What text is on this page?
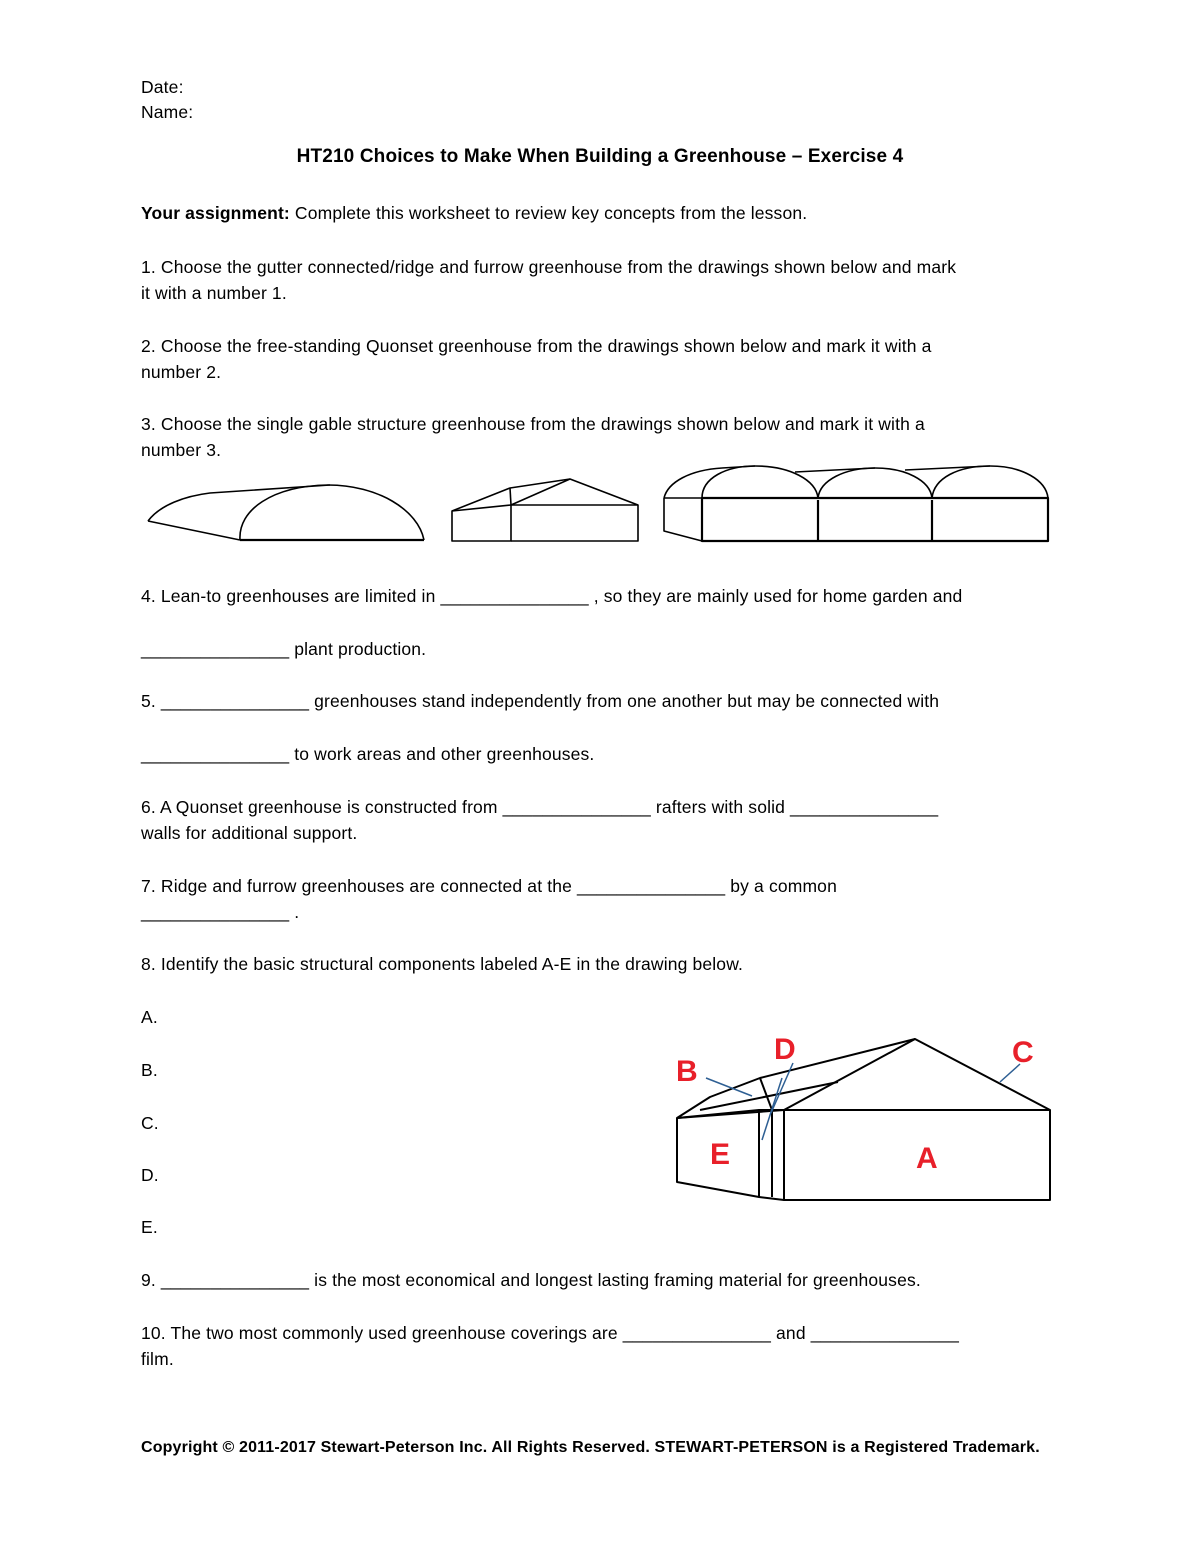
Date:
Name:
HT210 Choices to Make When Building a Greenhouse – Exercise 4
Your assignment: Complete this worksheet to review key concepts from the lesson.
1. Choose the gutter connected/ridge and furrow greenhouse from the drawings shown below and mark
it with a number 1.
2. Choose the free-standing Quonset greenhouse from the drawings shown below and mark it with a
number 2.
3. Choose the single gable structure greenhouse from the drawings shown below and mark it with a
number 3.
4. Lean-to greenhouses are limited in _______________ , so they are mainly used for home garden and
_______________ plant production.
5. _______________ greenhouses stand independently from one another but may be connected with
_______________ to work areas and other greenhouses.
6. A Quonset greenhouse is constructed from _______________ rafters with solid _______________
walls for additional support.
7. Ridge and furrow greenhouses are connected at the _______________ by a common
_______________ .
8. Identify the basic structural components labeled A-E in the drawing below.
A.
B.
C.
D.
E.
B
D	C
E	A
9. _______________ is the most economical and longest lasting framing material for greenhouses.
10. The two most commonly used greenhouse coverings are _______________ and _______________
film.
Copyright © 2011-2017 Stewart-Peterson Inc. All Rights Reserved. STEWART-PETERSON is a Registered Trademark.
